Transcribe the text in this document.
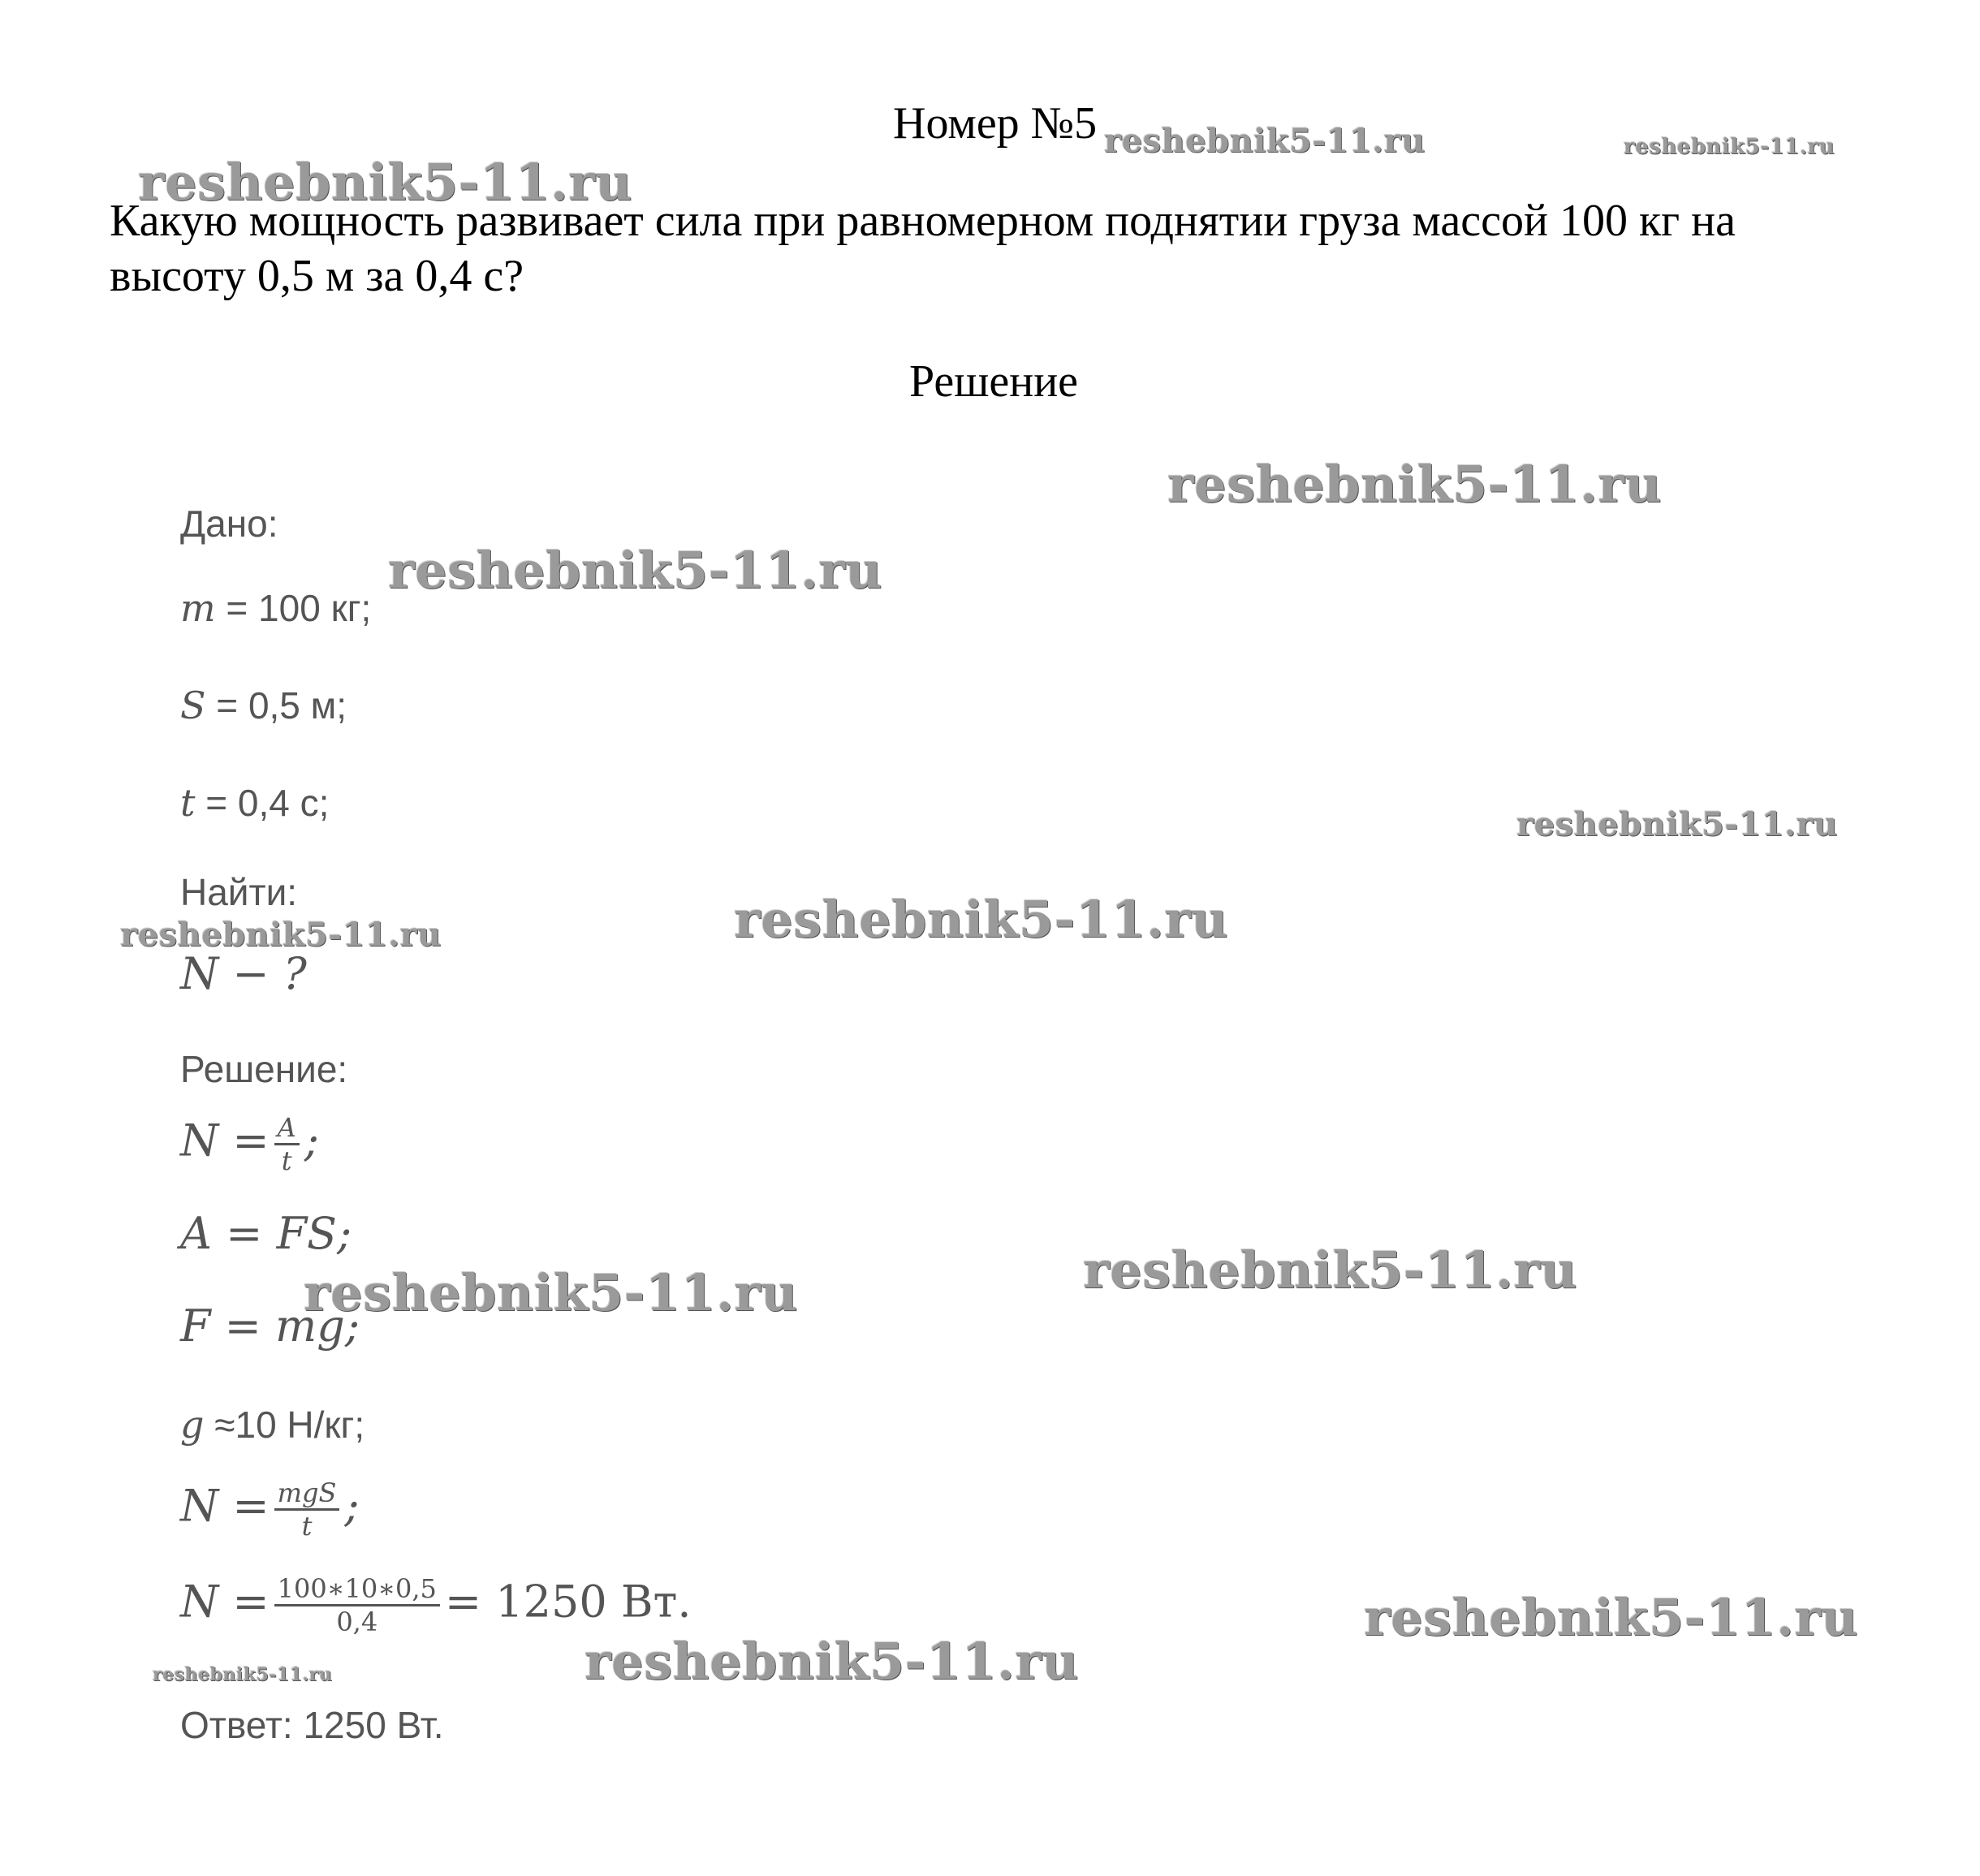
Номер №5
Какую мощность развивает сила при равномерном поднятии груза массой 100 кг на высоту 0,5 м за 0,4 с?
Решение
Дано:
m = 100 кг;
S = 0,5 м;
t = 0,4 с;
Найти:
N − ?
Решение:
$N = \frac{A}{t}$ ;
A = FS;
F = mg;
g ≈10 Н/кг;
$N = \frac{\text{mgS}}{t}$ ;
$N = \frac{100∗10∗0,5}{0,4} = 1250$ Вт.
Ответ: 1250 Вт.
reshebnik5-11.ru	reshebnik5-11.ru
reshebnik5-11.ru
reshebnik5-11.ru
reshebnik5-11.ru
reshebnik5-11.ru
reshebnik5-11.ru	reshebnik5-11.ru
reshebnik5-11.ru
reshebnik5-11.ru
reshebnik5-11.ru
reshebnik5-11.ru
reshebnik5-11.ru
